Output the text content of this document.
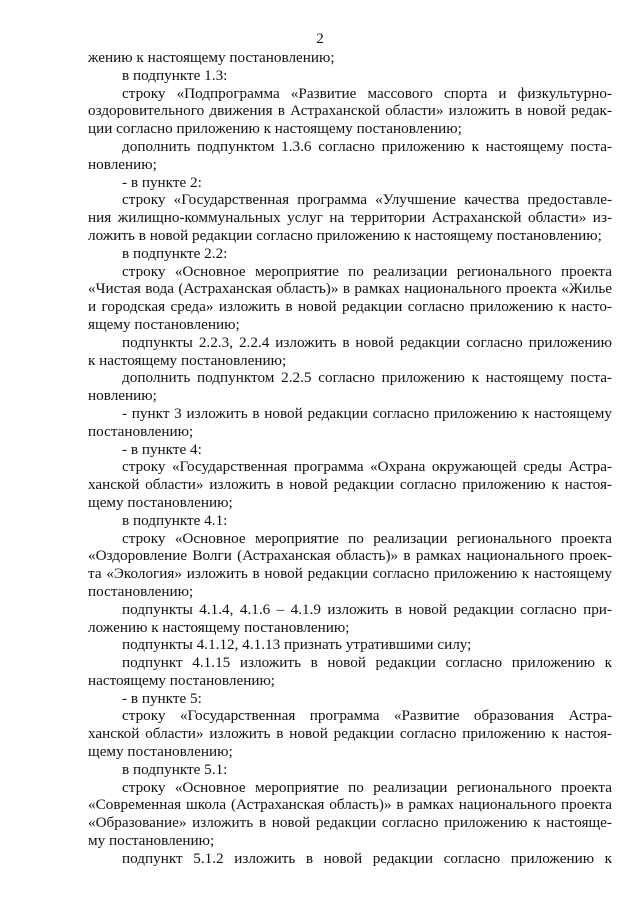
2
жению к настоящему постановлению;
в подпункте 1.3:
строку «Подпрограмма «Развитие массового спорта и физкультурно-
оздоровительного движения в Астраханской области» изложить в новой редак-
ции согласно приложению к настоящему постановлению;
дополнить подпунктом 1.3.6 согласно приложению к настоящему поста-
новлению;
- в пункте 2:
строку «Государственная программа «Улучшение качества предоставле-
ния жилищно-коммунальных услуг на территории Астраханской области» из-
ложить в новой редакции согласно приложению к настоящему постановлению;
в подпункте 2.2:
строку «Основное мероприятие по реализации регионального проекта
«Чистая вода (Астраханская область)» в рамках национального проекта «Жилье
и городская среда» изложить в новой редакции согласно приложению к насто-
ящему постановлению;
подпункты 2.2.3, 2.2.4 изложить в новой редакции согласно приложению
к настоящему постановлению;
дополнить подпунктом 2.2.5 согласно приложению к настоящему поста-
новлению;
- пункт 3 изложить в новой редакции согласно приложению к настоящему
постановлению;
- в пункте 4:
строку «Государственная программа «Охрана окружающей среды Астра-
ханской области» изложить в новой редакции согласно приложению к настоя-
щему постановлению;
в подпункте 4.1:
строку «Основное мероприятие по реализации регионального проекта
«Оздоровление Волги (Астраханская область)» в рамках национального проек-
та «Экология» изложить в новой редакции согласно приложению к настоящему
постановлению;
подпункты 4.1.4, 4.1.6 – 4.1.9 изложить в новой редакции согласно при-
ложению к настоящему постановлению;
подпункты 4.1.12, 4.1.13 признать утратившими силу;
подпункт 4.1.15 изложить в новой редакции согласно приложению к
настоящему постановлению;
- в пункте 5:
строку «Государственная программа «Развитие образования Астра-
ханской области» изложить в новой редакции согласно приложению к настоя-
щему постановлению;
в подпункте 5.1:
строку «Основное мероприятие по реализации регионального проекта
«Современная школа (Астраханская область)» в рамках национального проекта
«Образование» изложить в новой редакции согласно приложению к настояще-
му постановлению;
подпункт 5.1.2 изложить в новой редакции согласно приложению к
